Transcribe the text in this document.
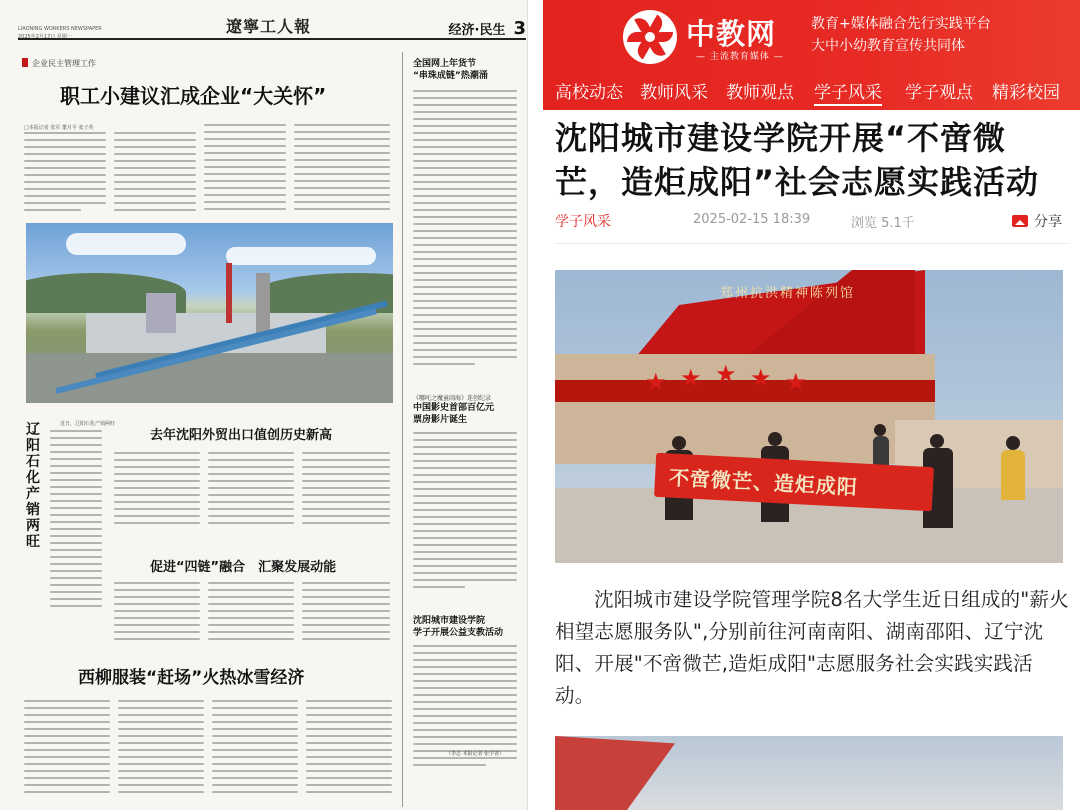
LIAONING WORKERS NEWSPAPER
2025年2月17日 星期一
遼寧工人報	经济·民生 3
企业民主管理工作
职工小建议汇成企业“大关怀”
□本报记者 张军 董月平 张子英
辽
阳
石
化
产
销
两
旺
近日，辽阳石化产销两旺
去年沈阳外贸出口值创历史新高
促进“四链”融合　汇聚发展动能
西柳服装“赶场”火热冰雪经济
全国网上年货节
“串珠成链”热潮涌
《哪吒之魔童闹海》连创纪录
中国影史首部百亿元
票房影片诞生
沈阳城市建设学院
学子开展公益支教活动
（李志 本报记者 张学善）
中教网
— 主流教育媒体 —
教育+媒体融合先行实践平台
大中小幼教育宣传共同体
高校动态 教师风采 教师观点 学子风采 学子观点 精彩校园
沈阳城市建设学院开展“不啻微芒，造炬成阳”社会志愿实践活动
学子风采	2025-02-15 18:39	浏览 5.1千	分享
郑州抗洪精神陈列馆
★ ★ ★ ★ ★
不啻微芒、造炬成阳

沈阳城市建设学院管理学院8名大学生近日组成的"薪火相望志愿服务队",分别前往河南南阳、湖南邵阳、辽宁沈阳、开展"不啻微芒,造炬成阳"志愿服务社会实践实践活动。
